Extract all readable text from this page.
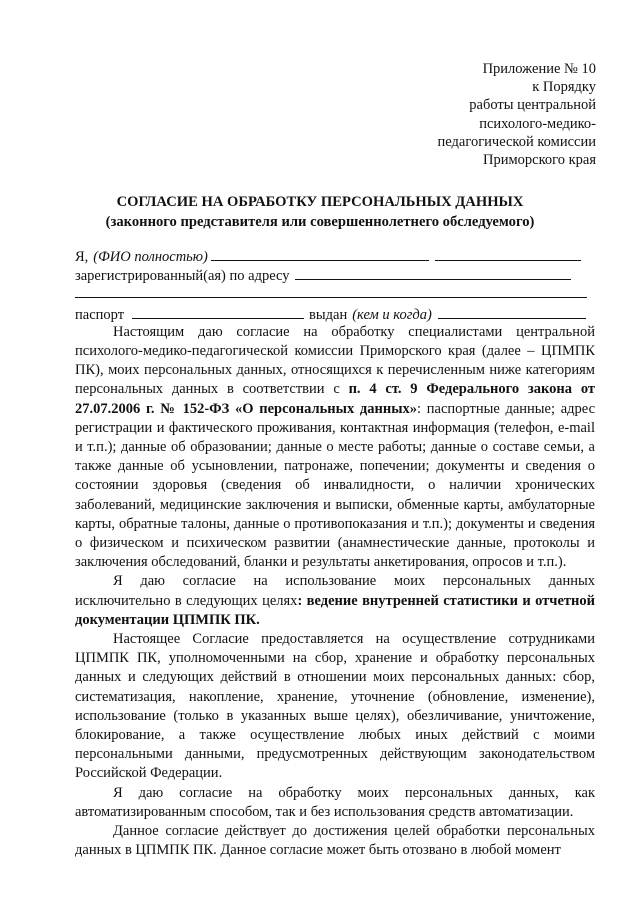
Приложение № 10
к Порядку
работы центральной
психолого-медико-
педагогической комиссии
Приморского края
СОГЛАСИЕ НА ОБРАБОТКУ ПЕРСОНАЛЬНЫХ ДАННЫХ
(законного представителя или совершеннолетнего обследуемого)
Я, (ФИО полностью)
зарегистрированный(ая) по адресу
паспорт	выдан (кем и когда)

Настоящим даю согласие на обработку специалистами центральной психолого-медико-педагогической комиссии Приморского края (далее – ЦПМПК ПК), моих персональных данных, относящихся к перечисленным ниже категориям персональных данных в соответствии с п. 4 ст. 9 Федерального закона от 27.07.2006 г. № 152-ФЗ «О персональных данных»: паспортные данные; адрес регистрации и фактического проживания, контактная информация (телефон, e-mail и т.п.); данные об образовании; данные о месте работы; данные о составе семьи, а также данные об усыновлении, патронаже, попечении; документы и сведения о состоянии здоровья (сведения об инвалидности, о наличии хронических заболеваний, медицинские заключения и выписки, обменные карты, амбулаторные карты, обратные талоны, данные о противопоказания и т.п.); документы и сведения о физическом и психическом развитии (анамнестические данные, протоколы и заключения обследований, бланки и результаты анкетирования, опросов и т.п.).

Я даю согласие на использование моих персональных данных исключительно в следующих целях: ведение внутренней статистики и отчетной документации ЦПМПК ПК.

Настоящее Согласие предоставляется на осуществление сотрудниками ЦПМПК ПК, уполномоченными на сбор, хранение и обработку персональных данных и следующих действий в отношении моих персональных данных: сбор, систематизация, накопление, хранение, уточнение (обновление, изменение), использование (только в указанных выше целях), обезличивание, уничтожение, блокирование, а также осуществление любых иных действий с моими персональными данными, предусмотренных действующим законодательством Российской Федерации.

Я даю согласие на обработку моих персональных данных, как автоматизированным способом, так и без использования средств автоматизации.

Данное согласие действует до достижения целей обработки персональных данных в ЦПМПК ПК. Данное согласие может быть отозвано в любой момент
